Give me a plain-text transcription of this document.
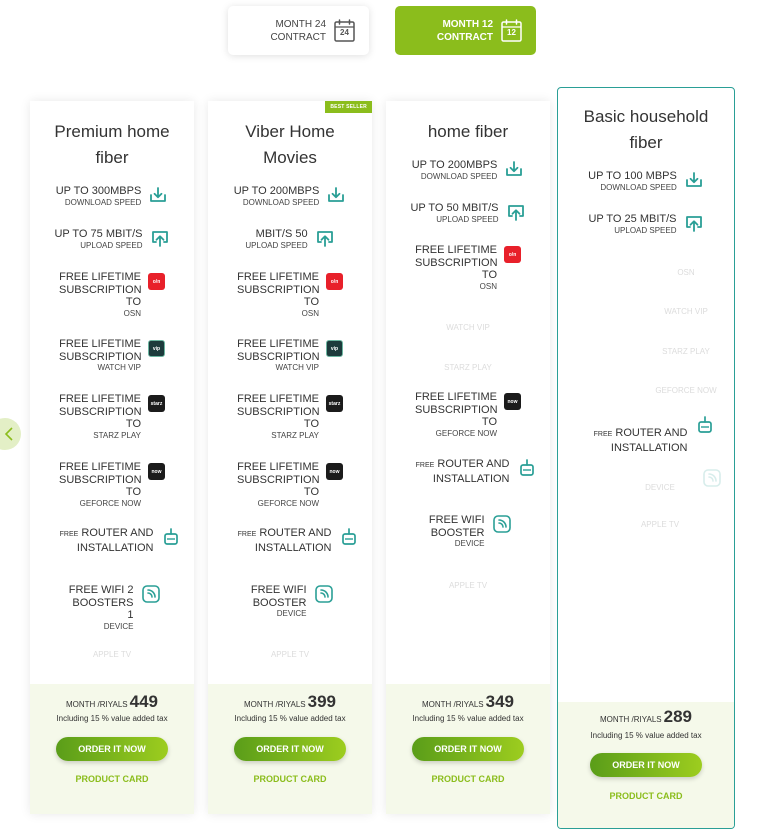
MONTH 24
CONTRACT	24
MONTH 12
CONTRACT	12
Premium home fiber
UP TO 300MBPS
DOWNLOAD SPEED
UP TO 75 MBIT/S
UPLOAD SPEED
FREE LIFETIME SUBSCRIPTION TO
OSN
o/n
FREE LIFETIME SUBSCRIPTION
WATCH VIP
vip
FREE LIFETIME SUBSCRIPTION TO
STARZ PLAY
starz
FREE LIFETIME SUBSCRIPTION TO
GEFORCE NOW
now
FREE ROUTER AND INSTALLATION
FREE WIFI 2 BOOSTERS 1
DEVICE
APPLE TV
MONTH /RIYALS 449
Including 15 % value added tax
ORDER IT NOW
PRODUCT CARD
BEST SELLER
Viber Home Movies
UP TO 200MBPS
DOWNLOAD SPEED
MBIT/S 50
UPLOAD SPEED
FREE LIFETIME SUBSCRIPTION TO
OSN
o/n
FREE LIFETIME SUBSCRIPTION
WATCH VIP
vip
FREE LIFETIME SUBSCRIPTION TO
STARZ PLAY
starz
FREE LIFETIME SUBSCRIPTION TO
GEFORCE NOW
now
FREE ROUTER AND INSTALLATION
FREE WIFI BOOSTER
DEVICE
APPLE TV
MONTH /RIYALS 399
Including 15 % value added tax
ORDER IT NOW
PRODUCT CARD
home fiber
UP TO 200MBPS
DOWNLOAD SPEED
UP TO 50 MBIT/S
UPLOAD SPEED
FREE LIFETIME SUBSCRIPTION TO
OSN
o/n
WATCH VIP
STARZ PLAY
FREE LIFETIME SUBSCRIPTION TO
GEFORCE NOW
now
FREE ROUTER AND INSTALLATION
FREE WIFI BOOSTER
DEVICE
APPLE TV
MONTH /RIYALS 349
Including 15 % value added tax
ORDER IT NOW
PRODUCT CARD
Basic household fiber
UP TO 100 MBPS
DOWNLOAD SPEED
UP TO 25 MBIT/S
UPLOAD SPEED
OSN
WATCH VIP
STARZ PLAY
GEFORCE NOW
FREE ROUTER AND INSTALLATION
DEVICE
APPLE TV
MONTH /RIYALS 289
Including 15 % value added tax
ORDER IT NOW
PRODUCT CARD
